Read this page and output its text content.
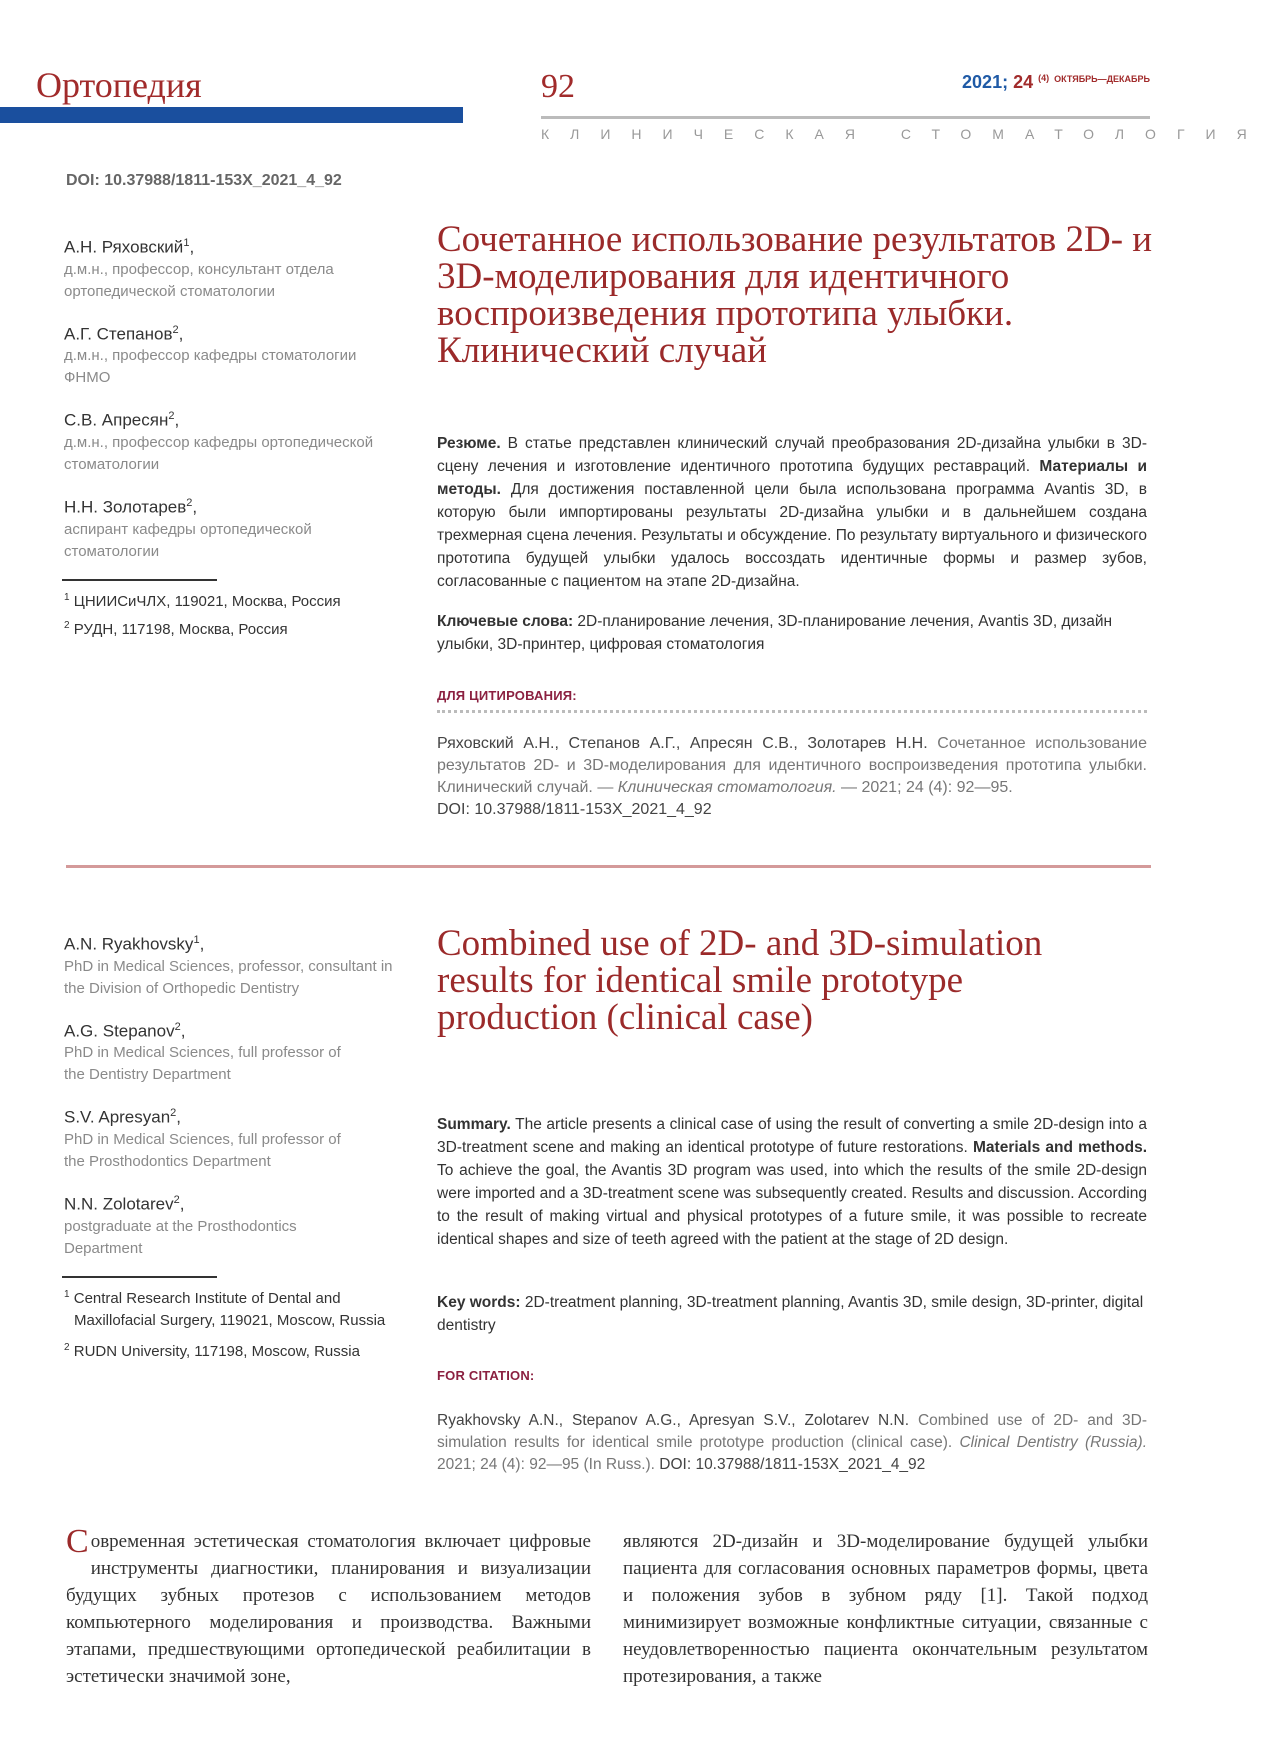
Ортопедия	92	2021; 24 $^{(4)}$ $^{ОКТЯБРЬ—ДЕКАБРЬ}$
КЛИНИЧЕСКАЯ СТОМАТОЛОГИЯ
DOI: 10.37988/1811-153X_2021_4_92
А.Н. Ряховский$^1$,
д.м.н., профессор, консультант отдела ортопедической стоматологии
А.Г. Степанов$^2$,
д.м.н., профессор кафедры стоматологии ФНМО
С.В. Апресян$^2$,
д.м.н., профессор кафедры ортопедической стоматологии
Н.Н. Золотарев$^2$,
аспирант кафедры ортопедической стоматологии
$^1$ ЦНИИСиЧЛХ, 119021, Москва, Россия
$^2$ РУДН, 117198, Москва, Россия
Сочетанное использование результатов 2D- и 3D-моделирования для идентичного воспроизведения прототипа улыбки. Клинический случай
Резюме. В статье представлен клинический случай преобразования 2D-дизайна улыбки в 3D-сцену лечения и изготовление идентичного прототипа будущих реставраций. Материалы и методы. Для достижения поставленной цели была использована программа Avantis 3D, в которую были импортированы результаты 2D-дизайна улыбки и в дальнейшем создана трехмерная сцена лечения. Результаты и обсуждение. По результату виртуального и физического прототипа будущей улыбки удалось воссоздать идентичные формы и размер зубов, согласованные с пациентом на этапе 2D-дизайна.
Ключевые слова: 2D-планирование лечения, 3D-планирование лечения, Avantis 3D, дизайн улыбки, 3D-принтер, цифровая стоматология
ДЛЯ ЦИТИРОВАНИЯ:
Ряховский А.Н., Степанов А.Г., Апресян С.В., Золотарев Н.Н. Сочетанное использование результатов 2D- и 3D-моделирования для идентичного воспроизведения прототипа улыбки. Клинический случай. — Клиническая стоматология. — 2021; 24 (4): 92—95.
DOI: 10.37988/1811-153X_2021_4_92
A.N. Ryakhovsky$^1$,
PhD in Medical Sciences, professor, consultant in the Division of Orthopedic Dentistry
A.G. Stepanov$^2$,
PhD in Medical Sciences, full professor of the Dentistry Department
S.V. Apresyan$^2$,
PhD in Medical Sciences, full professor of the Prosthodontics Department
N.N. Zolotarev$^2$,
postgraduate at the Prosthodontics Department
$^1$ Central Research Institute of Dental and Maxillofacial Surgery, 119021, Moscow, Russia
$^2$ RUDN University, 117198, Moscow, Russia
Combined use of 2D- and 3D-simulation results for identical smile prototype production (clinical case)
Summary. The article presents a clinical case of using the result of converting a smile 2D-design into a 3D-treatment scene and making an identical prototype of future restorations. Materials and methods. To achieve the goal, the Avantis 3D program was used, into which the results of the smile 2D-design were imported and a 3D-treatment scene was subsequently created. Results and discussion. According to the result of making virtual and physical prototypes of a future smile, it was possible to recreate identical shapes and size of teeth agreed with the patient at the stage of 2D design.
Key words: 2D-treatment planning, 3D-treatment planning, Avantis 3D, smile design, 3D-printer, digital dentistry
FOR CITATION:
Ryakhovsky A.N., Stepanov A.G., Apresyan S.V., Zolotarev N.N. Combined use of 2D- and 3D-simulation results for identical smile prototype production (clinical case). Clinical Dentistry (Russia). 2021; 24 (4): 92—95 (In Russ.). DOI: 10.37988/1811-153X_2021_4_92
Современная эстетическая стоматология включает цифровые инструменты диагностики, планирования и визуализации будущих зубных протезов с использованием методов компьютерного моделирования и производства. Важными этапами, предшествующими ортопедической реабилитации в эстетически значимой зоне,
являются 2D-дизайн и 3D-моделирование будущей улыбки пациента для согласования основных параметров формы, цвета и положения зубов в зубном ряду [1]. Такой подход минимизирует возможные конфликтные ситуации, связанные с неудовлетворенностью пациента окончательным результатом протезирования, а также
